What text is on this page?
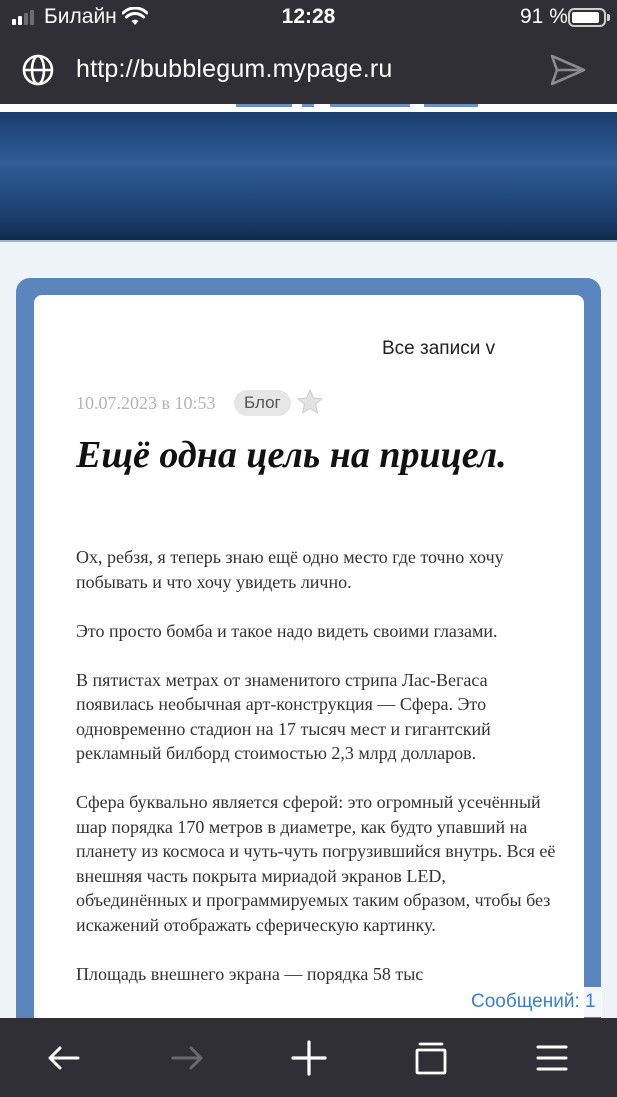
Билайн	12:28	91 %
http://bubblegum.mypage.ru
Все записи v
10.07.2023 в 10:53	Блог
Ещё одна цель на прицел.

Ох, ребзя, я теперь знаю ещё одно место где точно хочу побывать и что хочу увидеть лично.

Это просто бомба и такое надо видеть своими глазами.

В пятистах метрах от знаменитого стрипа Лас-Вегаса появилась необычная арт-конструкция — Сфера. Это одновременно стадион на 17 тысяч мест и гигантский рекламный билборд стоимостью 2,3 млрд долларов.

Сфера буквально является сферой: это огромный усечённый шар порядка 170 метров в диаметре, как будто упавший на планету из космоса и чуть-чуть погрузившийся внутрь. Вся её внешняя часть покрыта мириадой экранов LED, объединённых и программируемых таким образом, чтобы без искажений отображать сферическую картинку.

Площадь внешнего экрана — порядка 58 тыс

Сообщений: 1
